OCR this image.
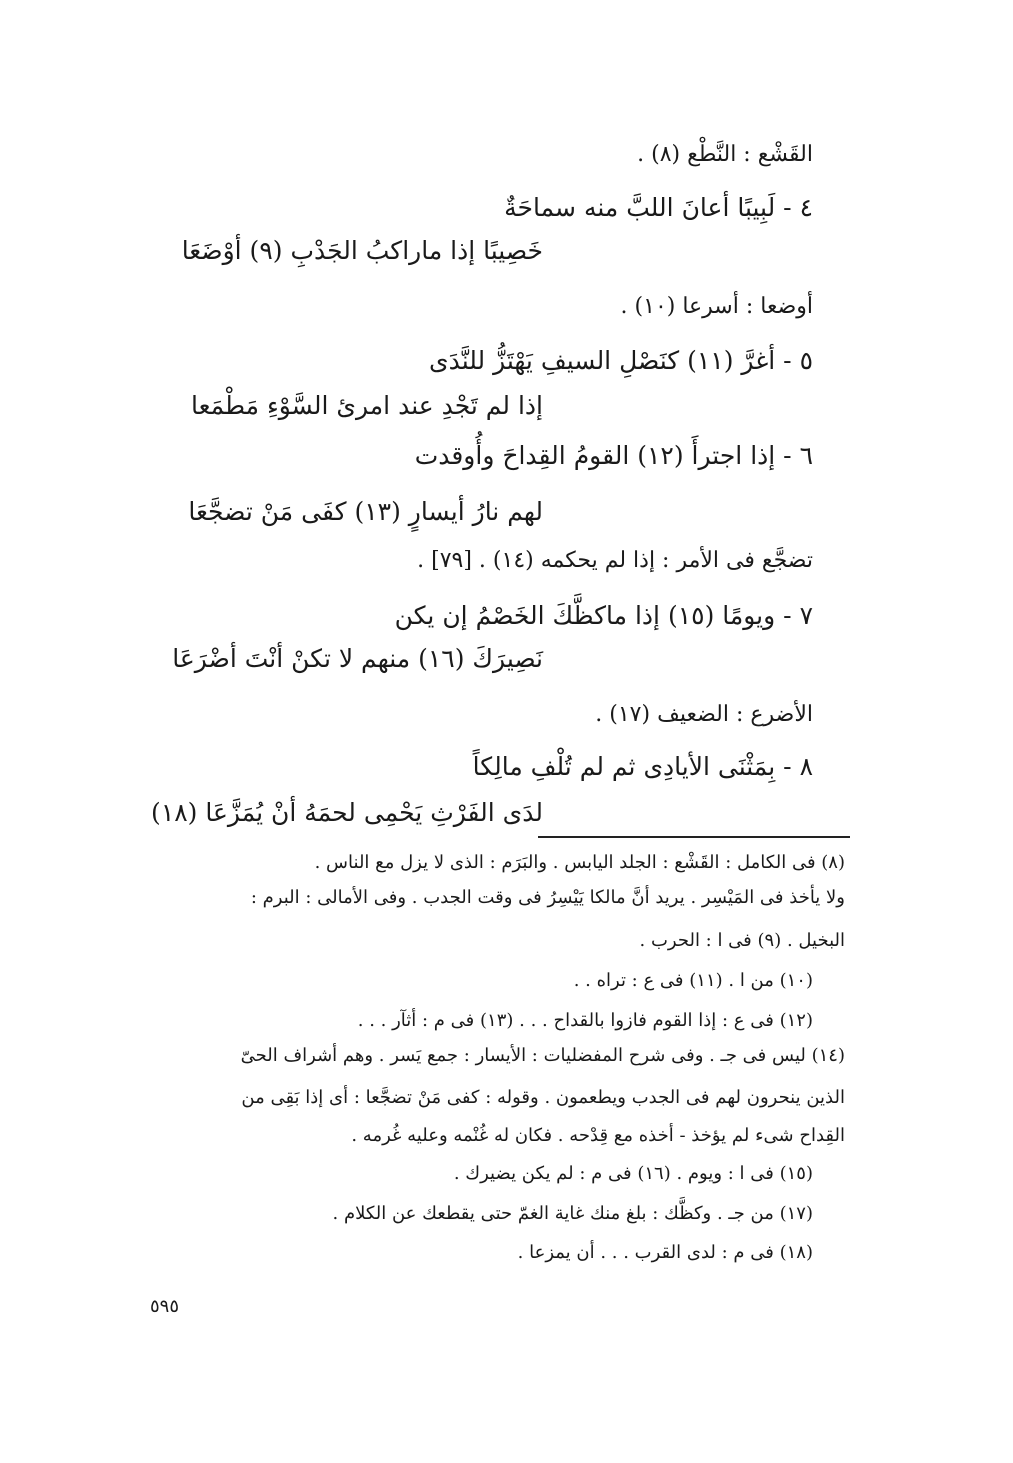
القَشْع : النَّطْع (٨) .
٤ - لَبِيبًا أعانَ اللبَّ منه سماحَةٌ
خَصِيبًا إذا ماراكبُ الجَدْبِ (٩) أوْضَعَا
أوضعا : أسرعا (١٠) .
٥ - أغرَّ (١١) كنَصْلِ السيفِ يَهْتَزُّ للنَّدَى
إذا لم تَجْدِ عند امرئ السَّوْءِ مَطْمَعا
٦ - إذا اجترأَ (١٢) القومُ القِداحَ وأُوقدت
لهم نارُ أيسارٍ (١٣) كفَى مَنْ تضجَّعَا
تضجَّع فى الأمر : إذا لم يحكمه (١٤) . [٧٩] .
٧ - ويومًا (١٥) إذا ماكظَّكَ الخَصْمُ إن يكن
نَصِيرَكَ (١٦) منهم لا تكنْ أنْتَ أضْرَعَا
الأضرع : الضعيف (١٧) .
٨ - بِمَثْنَى الأيادِى ثم لم تُلْفِ مالِكاً
لدَى الفَرْثِ يَحْمِى لحمَهُ أنْ يُمَزَّعَا (١٨)
(٨) فى الكامل : القَشْع : الجلد اليابس . والبَرَم : الذى لا يزل مع الناس .
ولا يأخذ فى المَيْسِر . يريد أنَّ مالكا يَيْسِرُ فى وقت الجدب . وفى الأمالى : البرم :
البخيل . (٩) فى ا : الحرب .
(١٠) من ا . (١١) فى ع : تراه . .
(١٢) فى ع : إذا القوم فازوا بالقداح . . . (١٣) فى م : أثآر . . .
(١٤) ليس فى جـ . وفى شرح المفضليات : الأيسار : جمع يَسر . وهم أشراف الحىّ
الذين ينحرون لهم فى الجدب ويطعمون . وقوله : كفى مَنْ تضجَّعا : أى إذا بَقِى من
القِداح شىء لم يؤخذ - أخذه مع قِدْحه . فكان له غُنْمه وعليه غُرمه .
(١٥) فى ا : ويوم . (١٦) فى م : لم يكن يضيرك .
(١٧) من جـ . وكظَّك : بلغ منك غاية الغمّ حتى يقطعك عن الكلام .
(١٨) فى م : لدى القرب . . . أن يمزعا .
٥٩٥
